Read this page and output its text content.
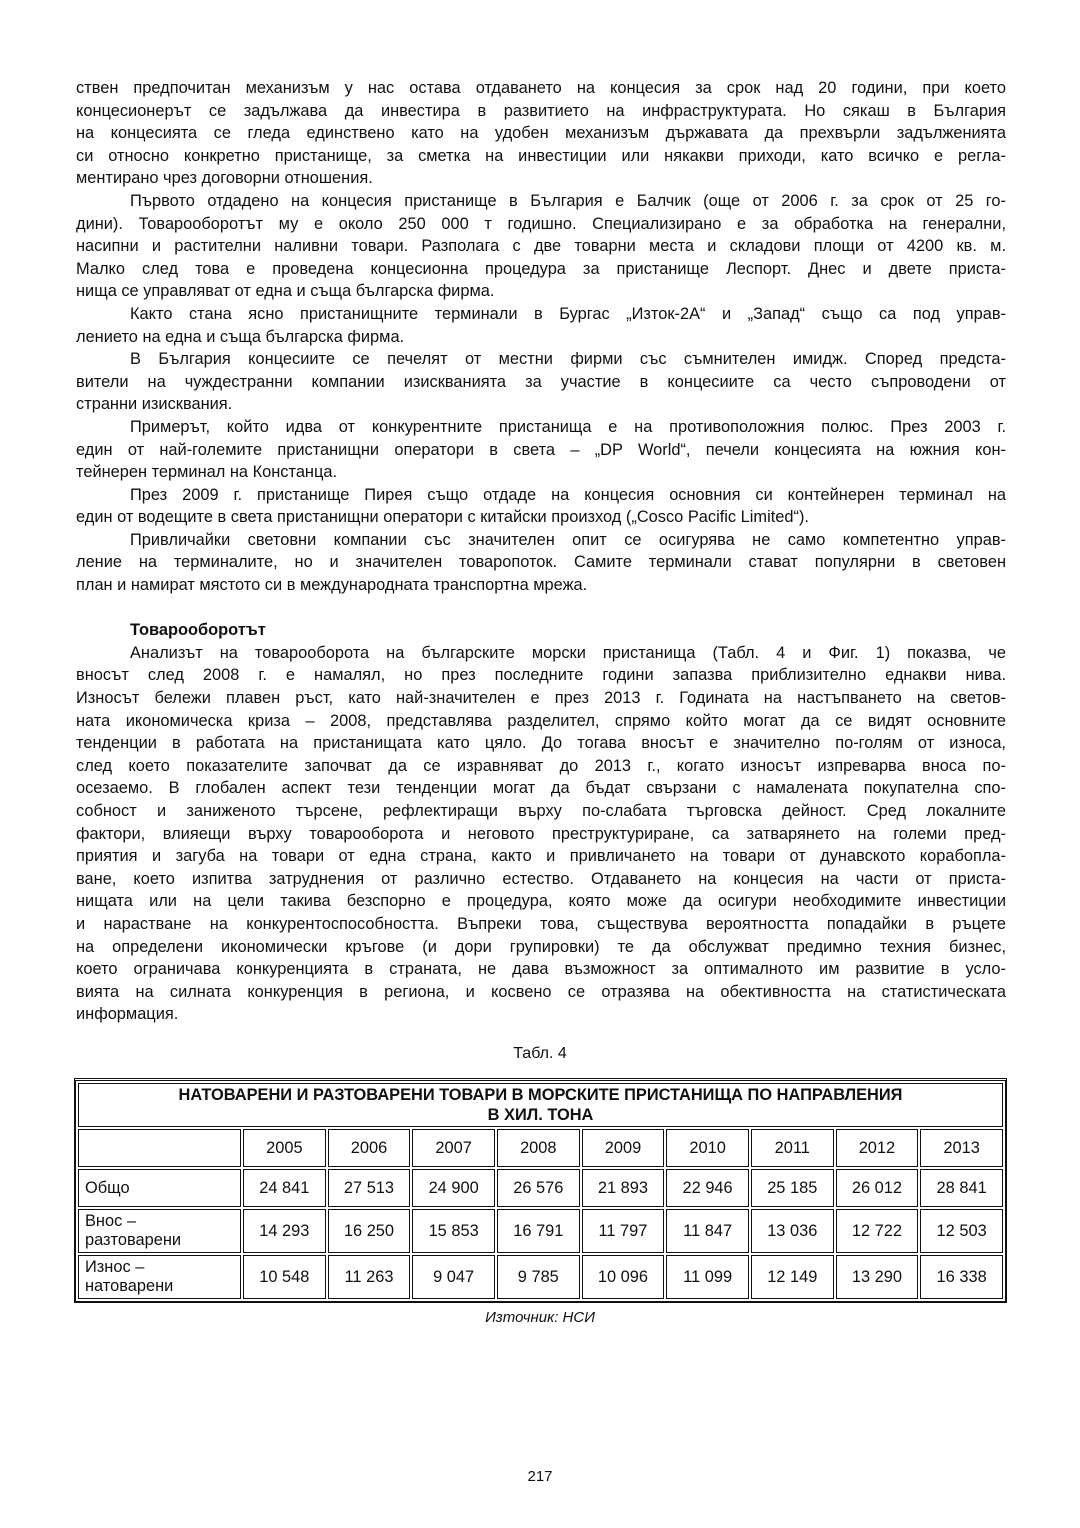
ствен предпочитан механизъм у нас остава отдаването на концесия за срок над 20 години, при което
концесионерът се задължава да инвестира в развитието на инфраструктурата. Но сякаш в България
на концесията се гледа единствено като на удобен механизъм държавата да прехвърли задълженията
си относно конкретно пристанище, за сметка на инвестиции или някакви приходи, като всичко е регла-
ментирано чрез договорни отношения.
Първото отдадено на концесия пристанище в България е Балчик (още от 2006 г. за срок от 25 го-
дини). Товарооборотът му е около 250 000 т годишно. Специализирано е за обработка на генерални,
насипни и растителни наливни товари. Разполага с две товарни места и складови площи от 4200 кв. м.
Малко след това е проведена концесионна процедура за пристанище Леспорт. Днес и двете приста-
нища се управляват от една и съща българска фирма.
Както стана ясно пристанищните терминали в Бургас „Изток-2А“ и „Запад“ също са под управ-
лението на една и съща българска фирма.
В България концесиите се печелят от местни фирми със съмнителен имидж. Според предста-
вители на чуждестранни компании изискванията за участие в концесиите са често съпроводени от
странни изисквания.
Примерът, който идва от конкурентните пристанища е на противоположния полюс. През 2003 г.
един от най-големите пристанищни оператори в света – „DP World“, печели концесията на южния кон-
тейнерен терминал на Констанца.
През 2009 г. пристанище Пирея също отдаде на концесия основния си контейнерен терминал на
един от водещите в света пристанищни оператори с китайски произход („Cosco Pacific Limited“).
Привличайки световни компании със значителен опит се осигурява не само компетентно управ-
ление на терминалите, но и значителен товаропоток. Самите терминали стават популярни в световен
план и намират мястото си в международната транспортна мрежа.
Товарооборотът
Анализът на товарооборота на българските морски пристанища (Табл. 4 и Фиг. 1) показва, че
вносът след 2008 г. е намалял, но през последните години запазва приблизително еднакви нива.
Износът бележи плавен ръст, като най-значителен е през 2013 г. Годината на настъпването на светов-
ната икономическа криза – 2008, представлява разделител, спрямо който могат да се видят основните
тенденции в работата на пристанищата като цяло. До тогава вносът е значително по-голям от износа,
след което показателите започват да се изравняват до 2013 г., когато износът изпреварва вноса по-
осезаемо. В глобален аспект тези тенденции могат да бъдат свързани с намалената покупателна спо-
собност и заниженото търсене, рефлектиращи върху по-слабата търговска дейност. Сред локалните
фактори, влияещи върху товарооборота и неговото преструктуриране, са затварянето на големи пред-
приятия и загуба на товари от една страна, както и привличането на товари от дунавското корабопла-
ване, което изпитва затруднения от различно естество. Отдаването на концесия на части от приста-
нищата или на цели такива безспорно е процедура, която може да осигури необходимите инвестиции
и нарастване на конкурентоспособността. Въпреки това, съществува вероятността попадайки в ръцете
на определени икономически кръгове (и дори групировки) те да обслужват предимно техния бизнес,
което ограничава конкуренцията в страната, не дава възможност за оптималното им развитие в усло-
вията на силната конкуренция в региона, и косвено се отразява на обективността на статистическата
информация.
Табл. 4
НАТОВАРЕНИ И РАЗТОВАРЕНИ ТОВАРИ В МОРСКИТЕ ПРИСТАНИЩА ПО НАПРАВЛЕНИЯ
В ХИЛ. ТОНА									

	2005	2006	2007	2008	2009	2010	2011	2012	2013

Общо	24 841	27 513	24 900	26 576	21 893	22 946	25 185	26 012	28 841

Внос –
разтоварени	14 293	16 250	15 853	16 791	11 797	11 847	13 036	12 722	12 503

Износ –
натоварени	10 548	11 263	9 047	9 785	10 096	11 099	12 149	13 290	16 338
Източник: НСИ
217
